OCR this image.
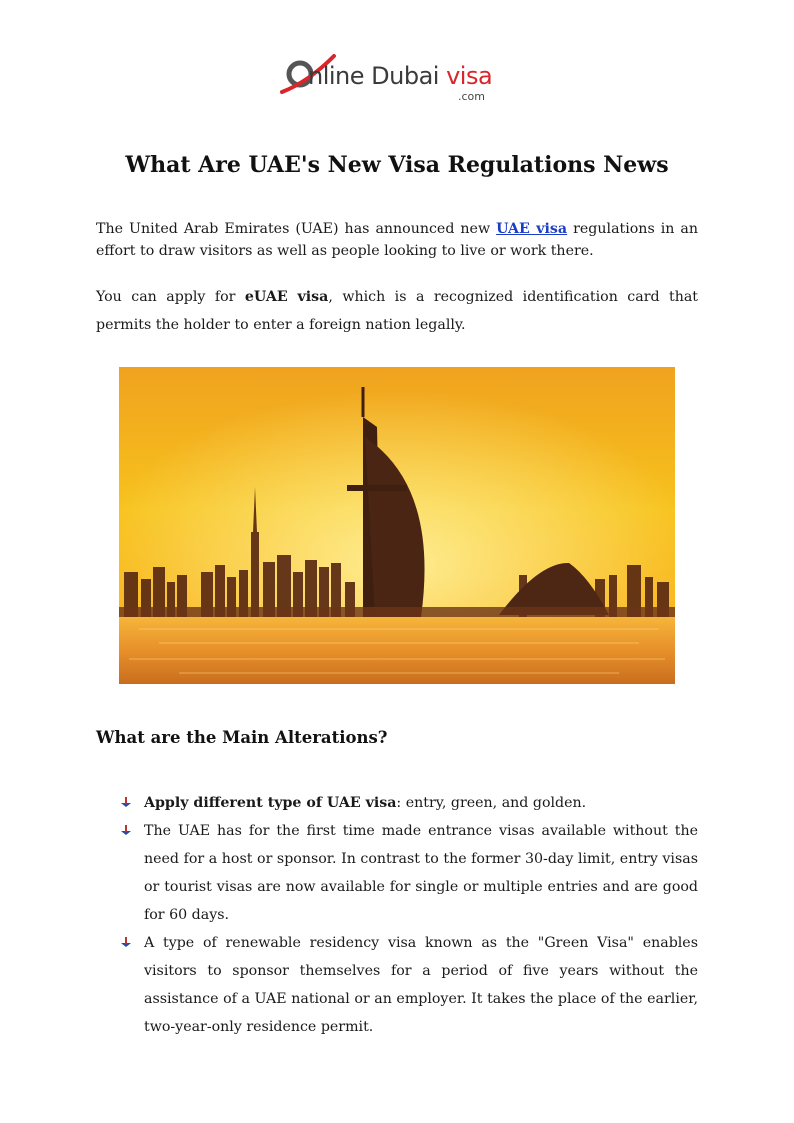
nline Dubai visa
.com
What Are UAE's New Visa Regulations News

The United Arab Emirates (UAE) has announced new UAE visa regulations in an effort to draw visitors as well as people looking to live or work there.

You can apply for eUAE visa, which is a recognized identification card that permits the holder to enter a foreign nation legally.

What are the Main Alterations?
Apply different type of UAE visa: entry, green, and golden.
The UAE has for the first time made entrance visas available without the need for a host or sponsor. In contrast to the former 30-day limit, entry visas or tourist visas are now available for single or multiple entries and are good for 60 days.
A type of renewable residency visa known as the "Green Visa" enables visitors to sponsor themselves for a period of five years without the assistance of a UAE national or an employer. It takes the place of the earlier, two-year-only residence permit.
